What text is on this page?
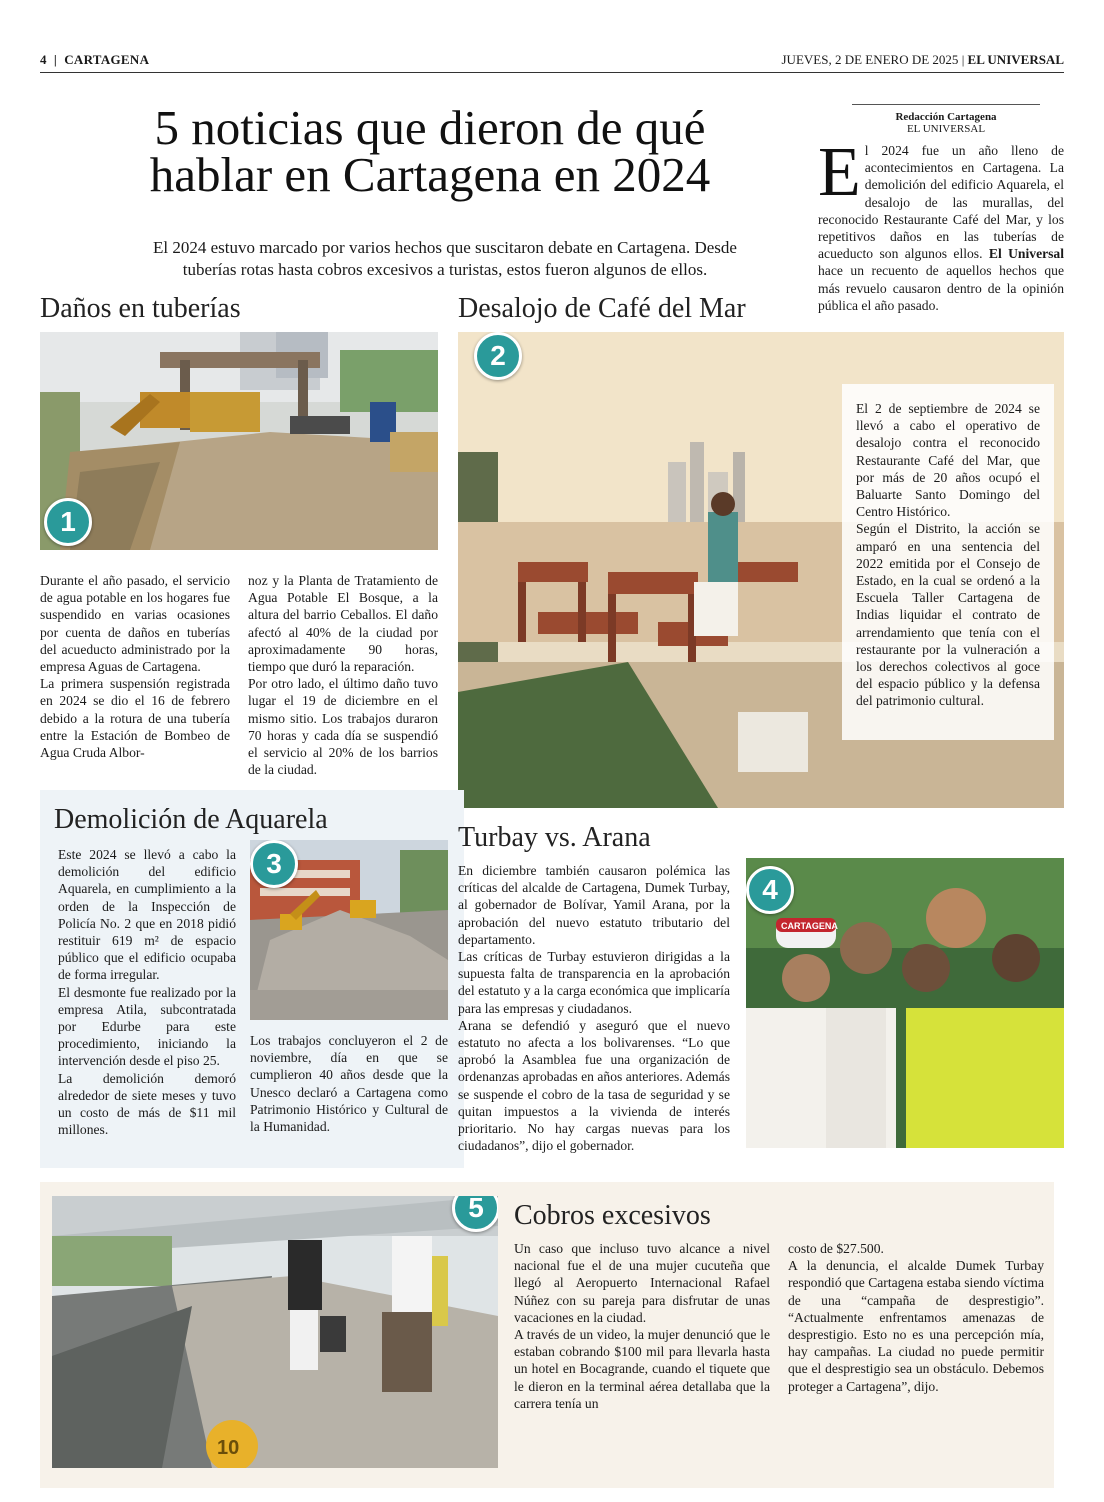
4  |  CARTAGENA	JUEVES, 2 DE ENERO DE 2025 | EL UNIVERSAL
5 noticias que dieron de qué
hablar en Cartagena en 2024
El 2024 estuvo marcado por varios hechos que suscitaron debate en Cartagena. Desde
tuberías rotas hasta cobros excesivos a turistas, estos fueron algunos de ellos.
Redacción Cartagena
EL UNIVERSAL
El 2024 fue un año lleno de acontecimientos en Cartagena. La demolición del edificio Aquarela, el desalojo de las murallas, del reconocido Restaurante Café del Mar, y los repetitivos daños en las tuberías de acueducto son algunos ellos. El Universal hace un recuento de aquellos hechos que más revuelo causaron dentro de la opinión pública el año pasado.
Daños en tuberías
1

Durante el año pasado, el servicio de agua potable en los hogares fue suspendido en varias ocasiones por cuenta de daños en tuberías del acueducto administrado por la empresa Aguas de Cartagena.

La primera suspensión registrada en 2024 se dio el 16 de febrero debido a la rotura de una tubería entre la Estación de Bombeo de Agua Cruda Albor-

noz y la Planta de Tratamiento de Agua Potable El Bosque, a la altura del barrio Ceballos. El daño afectó al 40% de la ciudad por aproximadamente 90 horas, tiempo que duró la reparación.

Por otro lado, el último daño tuvo lugar el 19 de diciembre en el mismo sitio. Los trabajos duraron 70 horas y cada día se suspendió el servicio al 20% de los barrios de la ciudad.

Desalojo de Café del Mar
2

El 2 de septiembre de 2024 se llevó a cabo el operativo de desalojo contra el reconocido Restaurante Café del Mar, que por más de 20 años ocupó el Baluarte Santo Domingo del Centro Histórico.

Según el Distrito, la acción se amparó en una sentencia del 2022 emitida por el Consejo de Estado, en la cual se ordenó a la Escuela Taller Cartagena de Indias liquidar el contrato de arrendamiento que tenía con el restaurante por la vulneración a los derechos colectivos al goce del espacio público y la defensa del patrimonio cultural.

Demolición de Aquarela

Este 2024 se llevó a cabo la demolición del edificio Aquarela, en cumplimiento a la orden de la Inspección de Policía No. 2 que en 2018 pidió restituir 619 m² de espacio público que el edificio ocupaba de forma irregular.

El desmonte fue realizado por la empresa Atila, subcontratada por Edurbe para este procedimiento, iniciando la intervención desde el piso 25.

La demolición demoró alrededor de siete meses y tuvo un costo de más de $11 mil millones.

3

Los trabajos concluyeron el 2 de noviembre, día en que se cumplieron 40 años desde que la Unesco declaró a Cartagena como Patrimonio Histórico y Cultural de la Humanidad.

Turbay vs. Arana

En diciembre también causaron polémica las críticas del alcalde de Cartagena, Dumek Turbay, al gobernador de Bolívar, Yamil Arana, por la aprobación del nuevo estatuto tributario del departamento.

Las críticas de Turbay estuvieron dirigidas a la supuesta falta de transparencia en la aprobación del estatuto y a la carga económica que implicaría para las empresas y ciudadanos.

Arana se defendió y aseguró que el nuevo estatuto no afecta a los bolivarenses. “Lo que aprobó la Asamblea fue una organización de ordenanzas aprobadas en años anteriores. Además se suspende el cobro de la tasa de seguridad y se quitan impuestos a la vivienda de interés prioritario. No hay cargas nuevas para los ciudadanos”, dijo el gobernador.

CARTAGENA
4
10
5	Cobros excesivos

Un caso que incluso tuvo alcance a nivel nacional fue el de una mujer cucuteña que llegó al Aeropuerto Internacional Rafael Núñez con su pareja para disfrutar de unas vacaciones en la ciudad.

A través de un video, la mujer denunció que le estaban cobrando $100 mil para llevarla hasta un hotel en Bocagrande, cuando el tiquete que le dieron en la terminal aérea detallaba que la carrera tenía un

costo de $27.500.

A la denuncia, el alcalde Dumek Turbay respondió que Cartagena estaba siendo víctima de una “campaña de desprestigio”. “Actualmente enfrentamos amenazas de desprestigio. Esto no es una percepción mía, hay campañas. La ciudad no puede permitir que el desprestigio sea un obstáculo. Debemos proteger a Cartagena”, dijo.
